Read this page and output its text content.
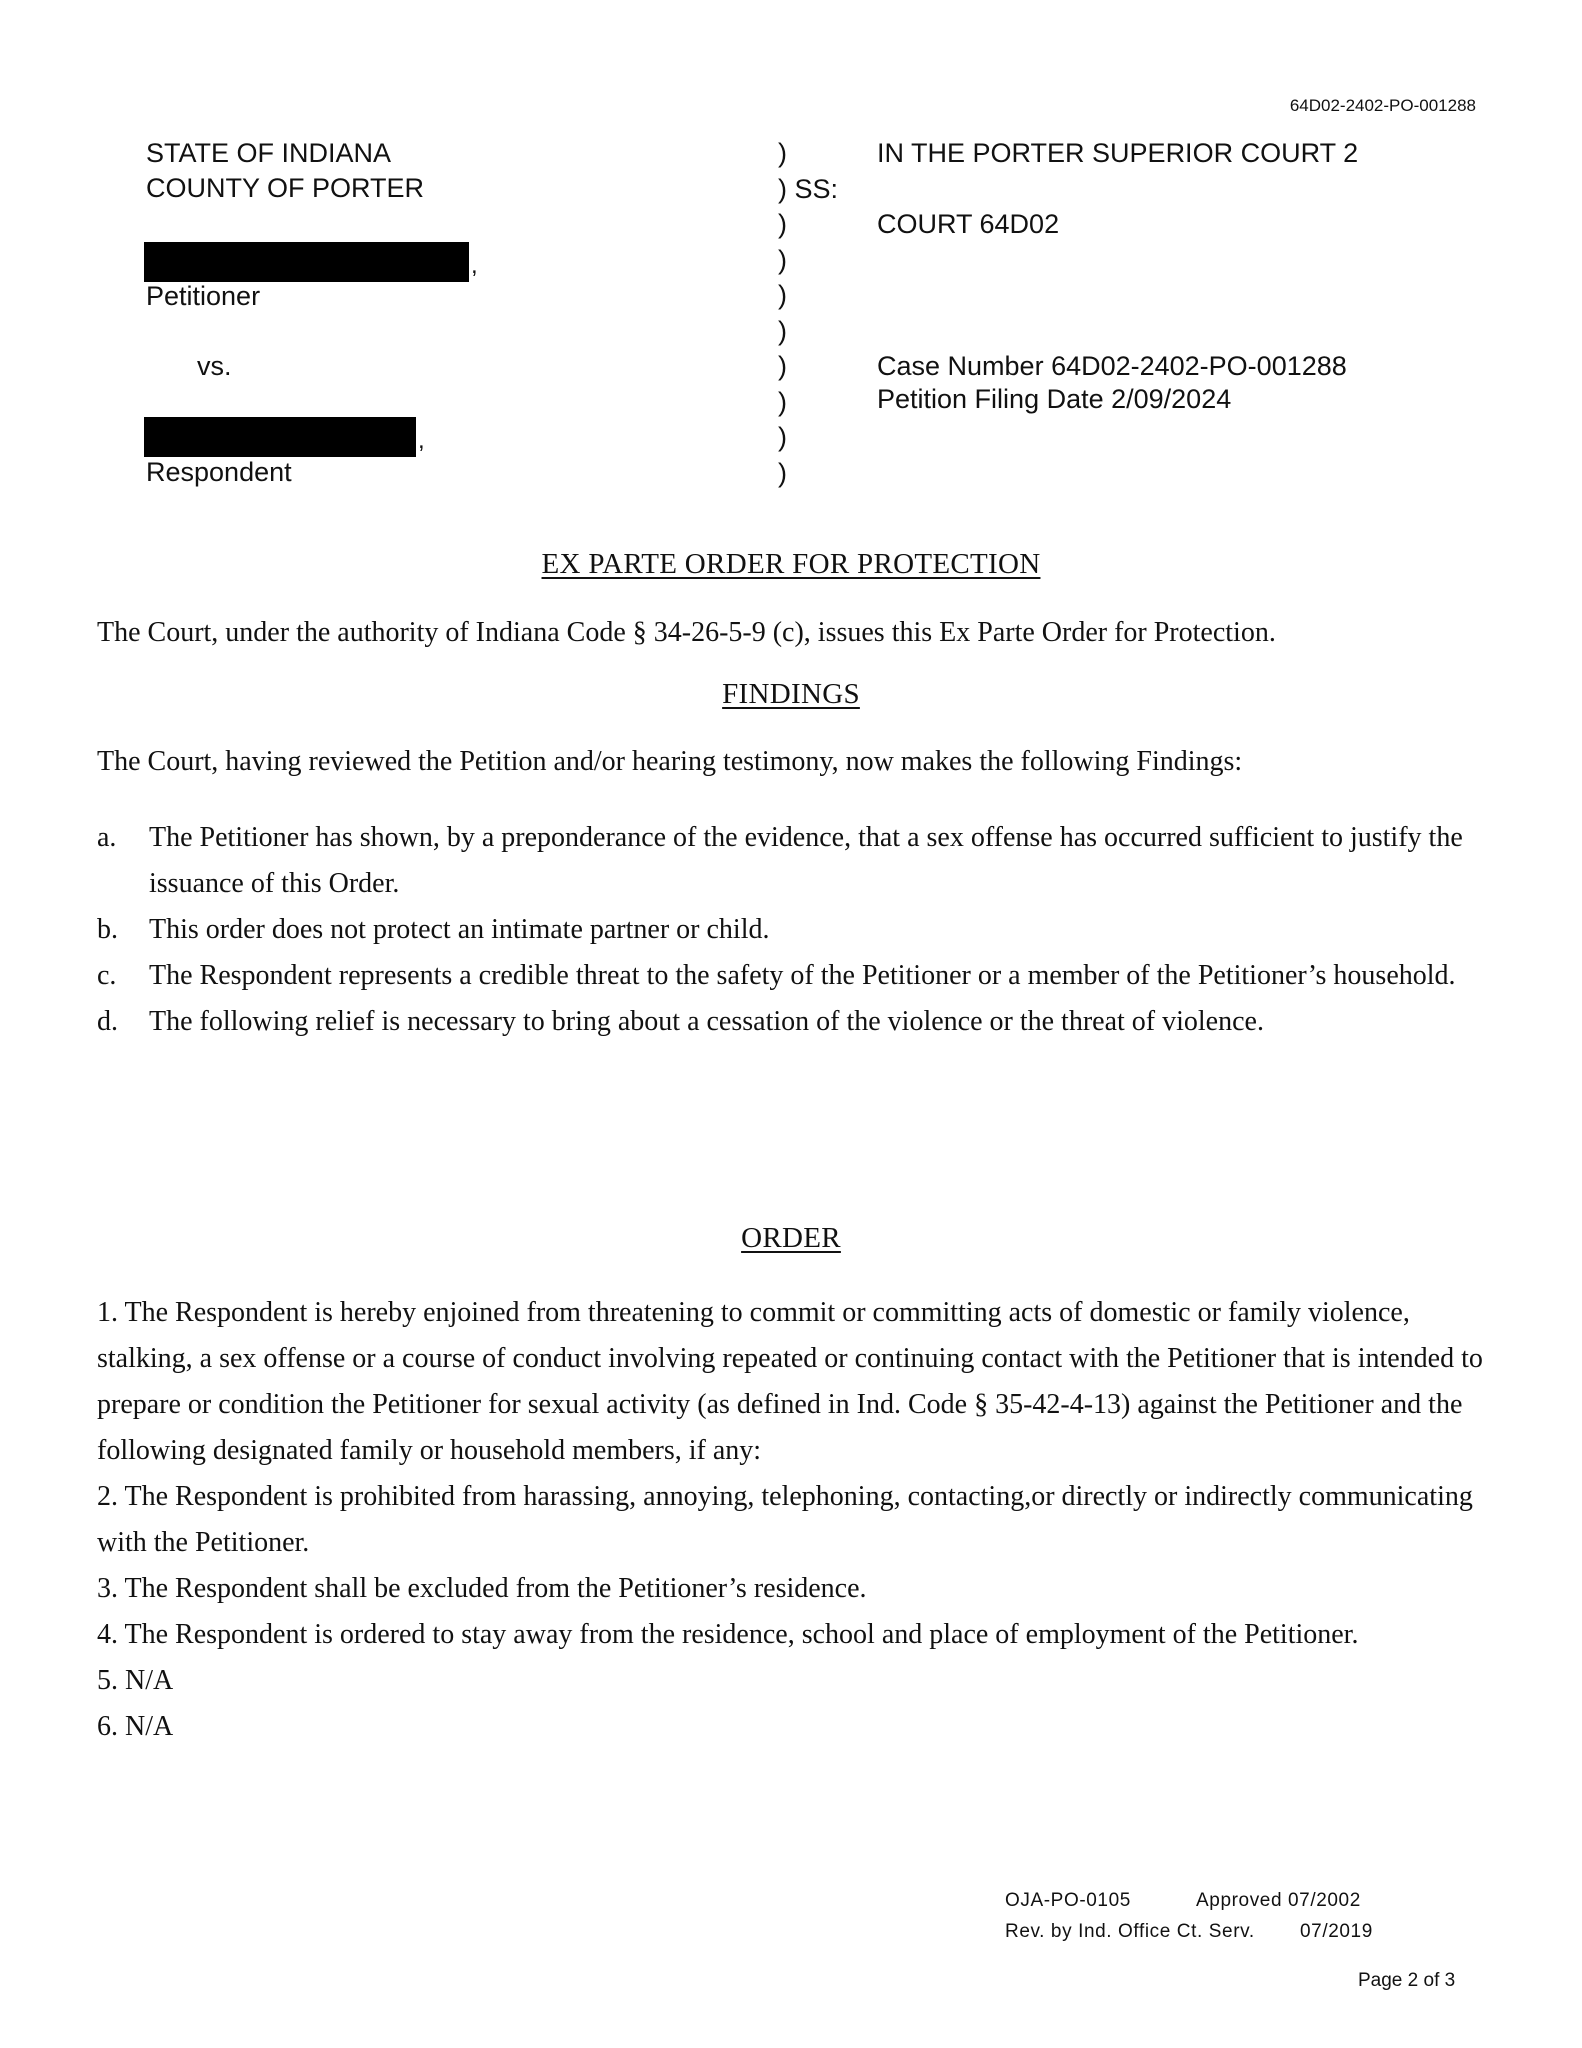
64D02-2402-PO-001288
STATE OF INDIANA
COUNTY OF PORTER
,
Petitioner
vs.
,
Respondent
)
) SS:
)
)
)
)
)
)
)
)
IN THE PORTER SUPERIOR COURT 2
COURT 64D02
Case Number 64D02-2402-PO-001288
Petition Filing Date 2/09/2024
EX PARTE ORDER FOR PROTECTION
The Court, under the authority of Indiana Code § 34-26-5-9 (c), issues this Ex Parte Order for Protection.
FINDINGS
The Court, having reviewed the Petition and/or hearing testimony, now makes the following Findings:
a. The Petitioner has shown, by a preponderance of the evidence, that a sex offense has occurred sufficient to justify the issuance of this Order.
b. This order does not protect an intimate partner or child.
c. The Respondent represents a credible threat to the safety of the Petitioner or a member of the Petitioner’s household.
d. The following relief is necessary to bring about a cessation of the violence or the threat of violence.
ORDER

1. The Respondent is hereby enjoined from threatening to commit or committing acts of domestic or family violence, stalking, a sex offense or a course of conduct involving repeated or continuing contact with the Petitioner that is intended to prepare or condition the Petitioner for sexual activity (as defined in Ind. Code § 35-42-4-13) against the Petitioner and the following designated family or household members, if any:

2. The Respondent is prohibited from harassing, annoying, telephoning, contacting,or directly or indirectly communicating with the Petitioner.

3. The Respondent shall be excluded from the Petitioner’s residence.

4. The Respondent is ordered to stay away from the residence, school and place of employment of the Petitioner.

5. N/A

6. N/A

OJA-PO-0105	Approved 07/2002
Rev. by Ind. Office Ct. Serv. 07/2019
Page 2 of 3
